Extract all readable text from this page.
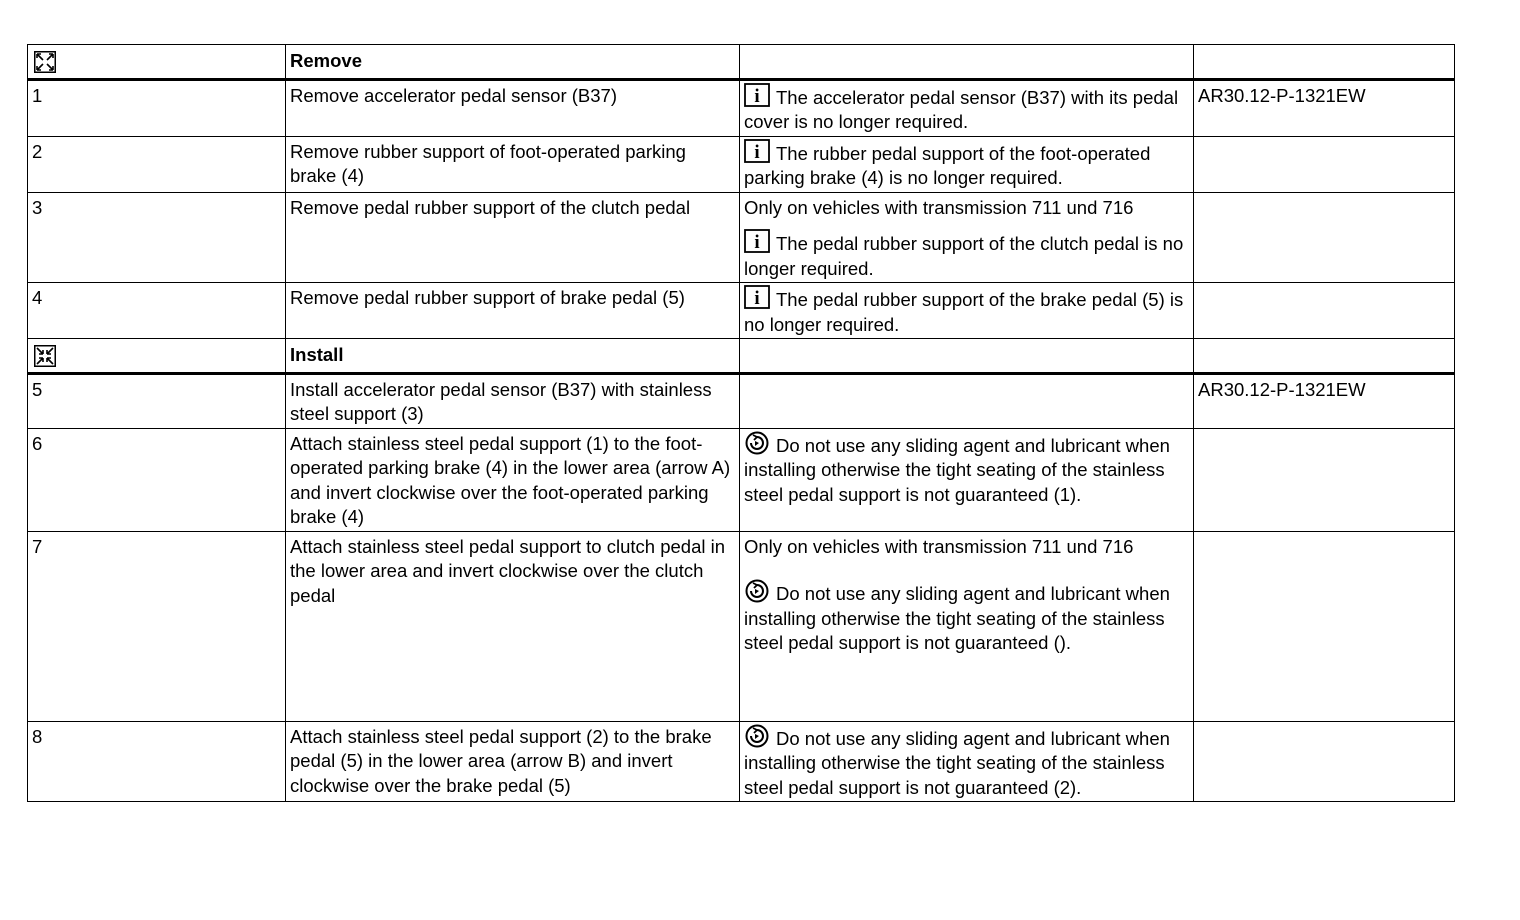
	Remove		
1	Remove accelerator pedal sensor (B37)	i The accelerator pedal sensor (B37) with its pedal cover is no longer required.	AR30.12-P-1321EW
2	Remove rubber support of foot-operated parking brake (4)	i The rubber pedal support of the foot-operated parking brake (4) is no longer required.	

3	Remove pedal rubber support of the clutch pedal	Only on vehicles with transmission 711 und 716
i The pedal rubber support of the clutch pedal is no longer required.	

4	Remove pedal rubber support of brake pedal (5)	i The pedal rubber support of the brake pedal (5) is no longer required.	

	Install		
5	Install accelerator pedal sensor (B37) with stainless steel support (3)		AR30.12-P-1321EW
6	Attach stainless steel pedal support (1) to the foot-operated parking brake (4) in the lower area (arrow A) and invert clockwise over the foot-operated parking brake (4)	Do not use any sliding agent and lubricant when installing otherwise the tight seating of the stainless steel pedal support is not guaranteed (1).	

7	Attach stainless steel pedal support to clutch pedal in the lower area and invert clockwise over the clutch pedal	Only on vehicles with transmission 711 und 716
Do not use any sliding agent and lubricant when installing otherwise the tight seating of the stainless steel pedal support is not guaranteed ().	

8	Attach stainless steel pedal support (2) to the brake pedal (5) in the lower area (arrow B) and invert clockwise over the brake pedal (5)	Do not use any sliding agent and lubricant when installing otherwise the tight seating of the stainless steel pedal support is not guaranteed (2).	
